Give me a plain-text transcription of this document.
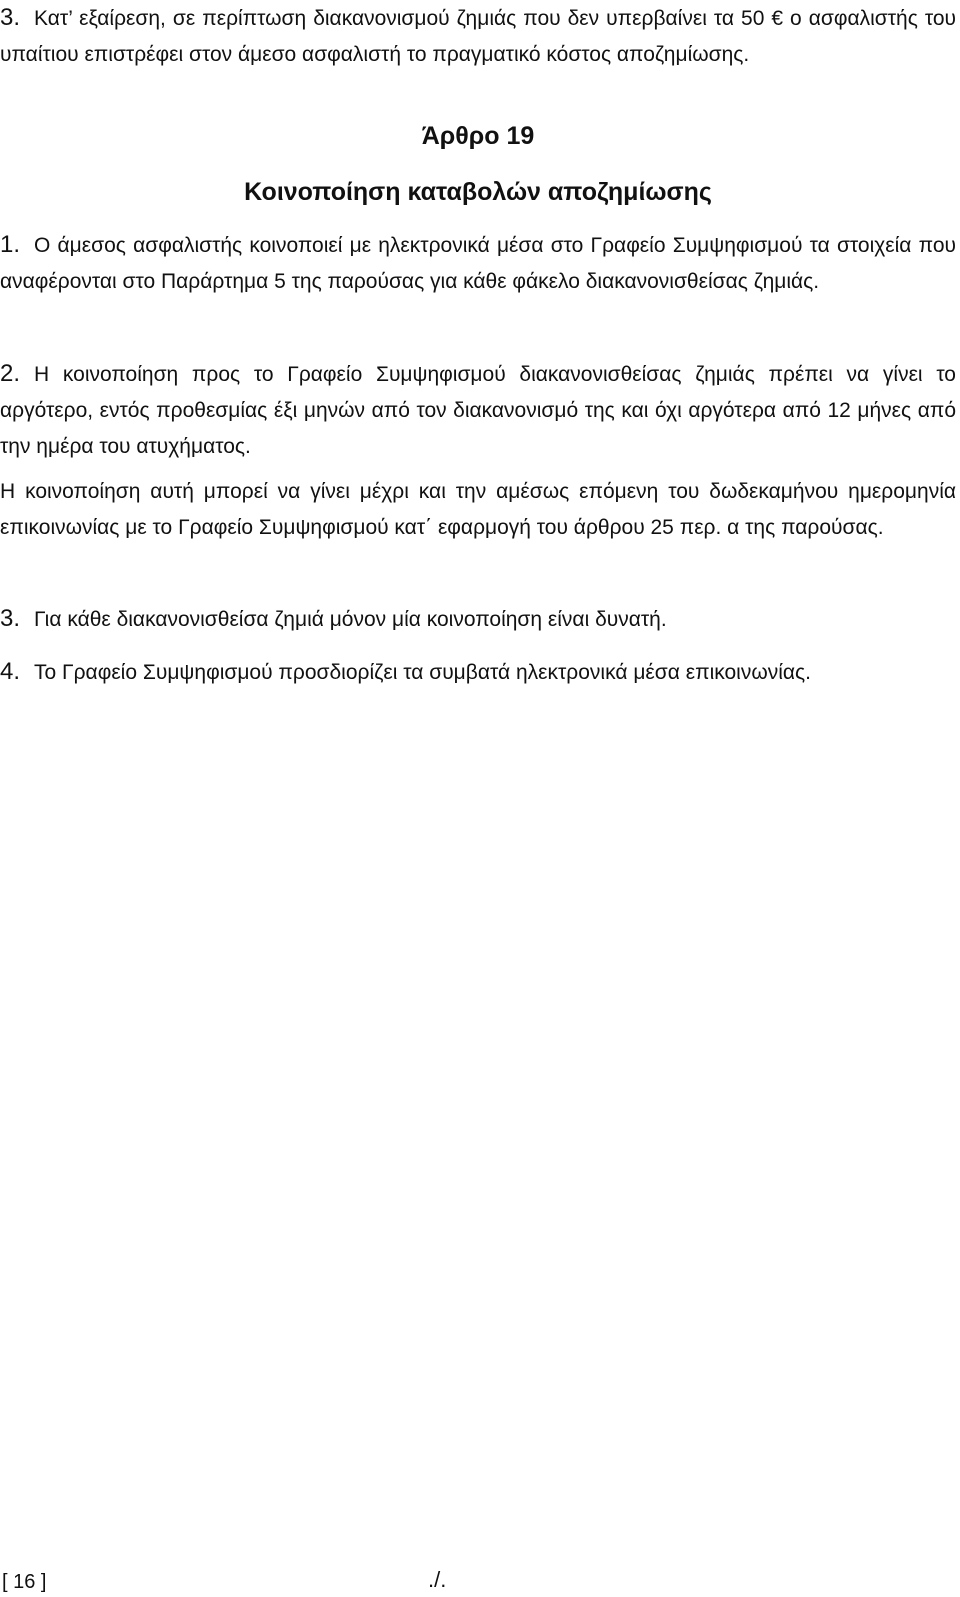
3. Κατ’ εξαίρεση, σε περίπτωση διακανονισμού ζημιάς που δεν υπερβαίνει τα 50 € ο ασφαλιστής του υπαίτιου επιστρέφει στον άμεσο ασφαλιστή το πραγματικό κόστος αποζημίωσης.
Άρθρο 19
Κοινοποίηση καταβολών αποζημίωσης
1. Ο άμεσος ασφαλιστής κοινοποιεί με ηλεκτρονικά μέσα στο Γραφείο Συμψηφισμού τα στοιχεία που αναφέρονται στο Παράρτημα 5 της παρούσας για κάθε φάκελο διακανονισθείσας ζημιάς.
2. Η κοινοποίηση προς το Γραφείο Συμψηφισμού διακανονισθείσας ζημιάς πρέπει να γίνει το αργότερο, εντός προθεσμίας έξι μηνών από τον διακανονισμό της και όχι αργότερα από 12 μήνες από την ημέρα του ατυχήματος.
Η κοινοποίηση αυτή μπορεί να γίνει μέχρι και την αμέσως επόμενη του δωδεκαμήνου ημερομηνία επικοινωνίας με το Γραφείο Συμψηφισμού κατ΄ εφαρμογή του άρθρου 25 περ. α της παρούσας.
3. Για κάθε διακανονισθείσα ζημιά μόνον μία κοινοποίηση είναι δυνατή.
4. Το Γραφείο Συμψηφισμού προσδιορίζει τα συμβατά ηλεκτρονικά μέσα επικοινωνίας.
[ 16 ]	./.
